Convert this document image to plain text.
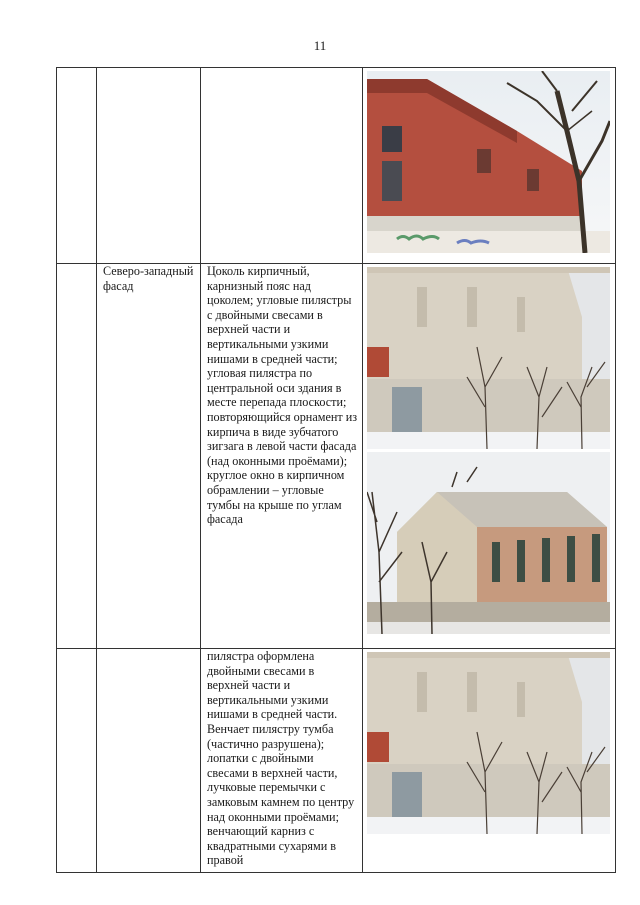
11

	Северо-западный фасад	Цоколь кирпичный, карнизный пояс над цоколем; угловые пилястры с двойными свесами в верхней части и вертикальными узкими нишами в средней части; угловая пилястра по центральной оси здания в месте перепада плоскости; повторяющийся орнамент из кирпича в виде зубчатого зигзага в левой части фасада (над оконными проёмами); круглое окно в кирпичном обрамлении – угловые тумбы на крыше по углам фасада

		пилястра оформлена двойными свесами в верхней части и вертикальными узкими нишами в средней части. Венчает пилястру тумба (частично разрушена); лопатки с двойными свесами в верхней части, лучковые перемычки с замковым камнем по центру над оконными проёмами; венчающий карниз с квадратными сухарями в правой
